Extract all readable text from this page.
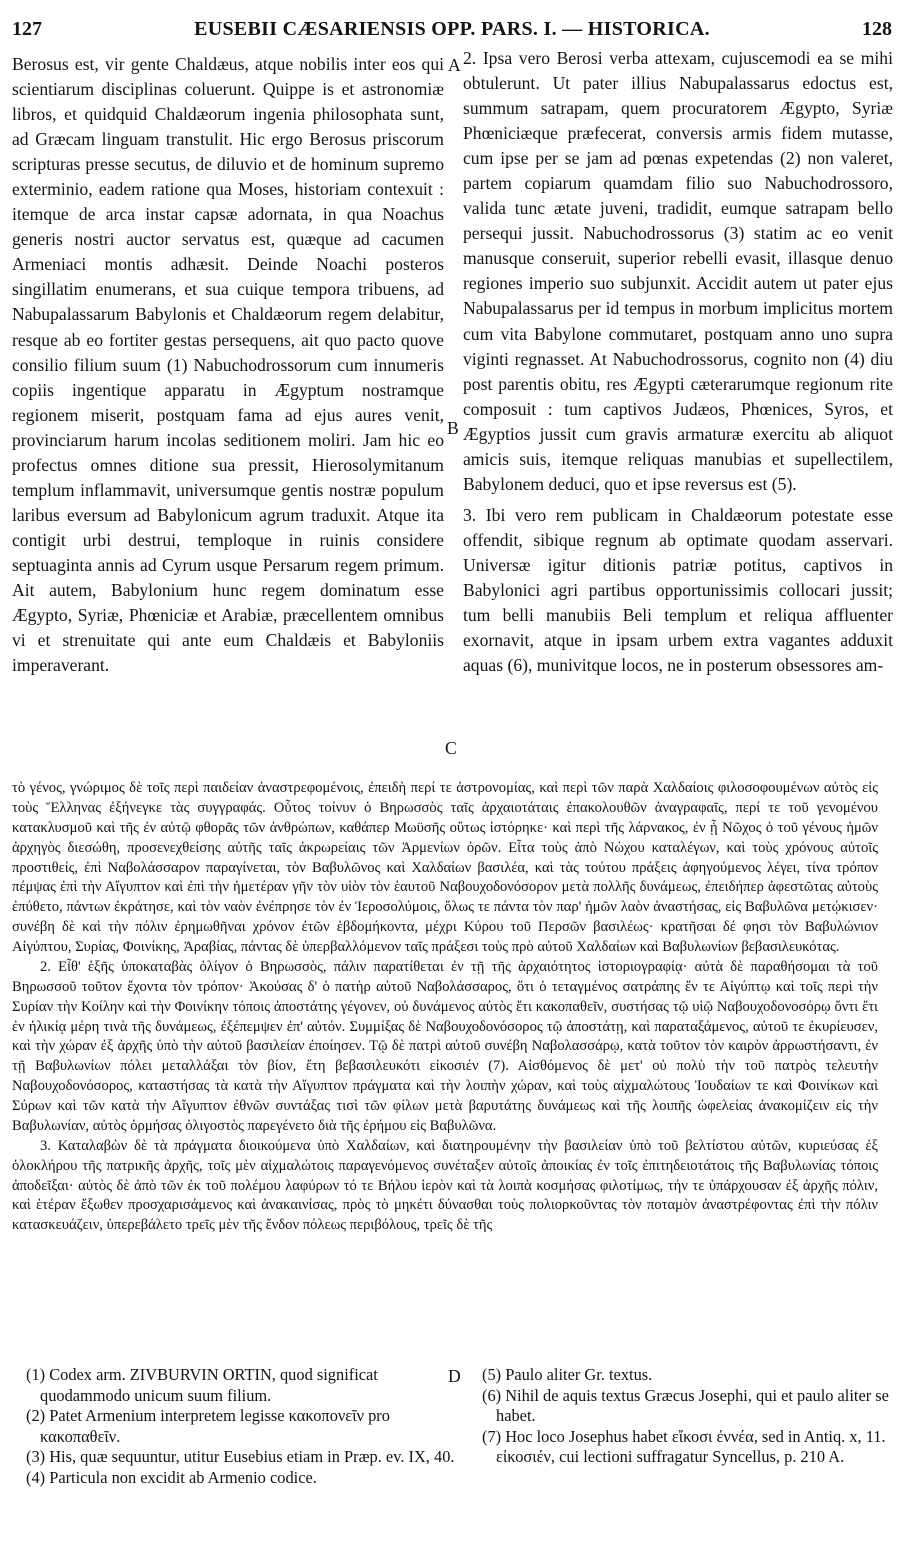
127	EUSEBII CÆSARIENSIS OPP. PARS. I. — HISTORICA.	128

Berosus est, vir gente Chaldæus, atque nobilis inter eos qui scientiarum disciplinas coluerunt. Quippe is et astronomiæ libros, et quidquid Chaldæorum ingenia philosophata sunt, ad Græcam linguam transtulit. Hic ergo Berosus priscorum scripturas presse secutus, de diluvio et de hominum supremo exterminio, eadem ratione qua Moses, historiam contexuit : itemque de arca instar capsæ adornata, in qua Noachus generis nostri auctor servatus est, quæque ad cacumen Armeniaci montis adhæsit. Deinde Noachi posteros singillatim enumerans, et sua cuique tempora tribuens, ad Nabupalassarum Babylonis et Chaldæorum regem delabitur, resque ab eo fortiter gestas persequens, ait quo pacto quove consilio filium suum (1) Nabuchodrossorum cum innumeris copiis ingentique apparatu in Ægyptum nostramque regionem miserit, postquam fama ad ejus aures venit, provinciarum harum incolas seditionem moliri. Jam hic eo profectus omnes ditione sua pressit, Hierosolymitanum templum inflammavit, universumque gentis nostræ populum laribus eversum ad Babylonicum agrum traduxit. Atque ita contigit urbi destrui, temploque in ruinis considere septuaginta annis ad Cyrum usque Persarum regem primum. Ait autem, Babylonium hunc regem dominatum esse Ægypto, Syriæ, Phœniciæ et Arabiæ, præcellentem omnibus vi et strenuitate qui ante eum Chaldæis et Babyloniis imperaverant.

A
B
C
D

2. Ipsa vero Berosi verba attexam, cujuscemodi ea se mihi obtulerunt. Ut pater illius Nabupalassarus edoctus est, summum satrapam, quem procuratorem Ægypto, Syriæ Phœniciæque præfecerat, conversis armis fidem mutasse, cum ipse per se jam ad pœnas expetendas (2) non valeret, partem copiarum quamdam filio suo Nabuchodrossoro, valida tunc ætate juveni, tradidit, eumque satrapam bello persequi jussit. Nabuchodrossorus (3) statim ac eo venit manusque conseruit, superior rebelli evasit, illasque denuo regiones imperio suo subjunxit. Accidit autem ut pater ejus Nabupalassarus per id tempus in morbum implicitus mortem cum vita Babylone commutaret, postquam anno uno supra viginti regnasset. At Nabuchodrossorus, cognito non (4) diu post parentis obitu, res Ægypti cæterarumque regionum rite composuit : tum captivos Judæos, Phœnices, Syros, et Ægyptios jussit cum gravis armaturæ exercitu ab aliquot amicis suis, itemque reliquas manubias et supellectilem, Babylonem deduci, quo et ipse reversus est (5).

3. Ibi vero rem publicam in Chaldæorum potestate esse offendit, sibique regnum ab optimate quodam asservari. Universæ igitur ditionis patriæ potitus, captivos in Babylonici agri partibus opportunissimis collocari jussit; tum belli manubiis Beli templum et reliqua affluenter exornavit, atque in ipsam urbem extra vagantes adduxit aquas (6), munivitque locos, ne in posterum obsessores am-

τὸ γένος, γνώριμος δὲ τοῖς περὶ παιδείαν ἀναστρεφομένοις, ἐπειδὴ περί τε ἀστρονομίας, καὶ περὶ τῶν παρὰ Χαλδαίοις φιλοσοφουμένων αὐτὸς εἰς τοὺς Ἕλληνας ἐξήνεγκε τὰς συγγραφάς. Οὗτος τοίνυν ὁ Βηρωσσὸς ταῖς ἀρχαιοτάταις ἐπακολουθῶν ἀναγραφαῖς, περί τε τοῦ γενομένου κατακλυσμοῦ καὶ τῆς ἐν αὐτῷ φθορᾶς τῶν ἀνθρώπων, καθάπερ Μωϋσῆς οὕτως ἱστόρηκε· καὶ περὶ τῆς λάρνακος, ἐν ᾗ Νῶχος ὁ τοῦ γένους ἡμῶν ἀρχηγὸς διεσώθη, προσενεχθείσης αὐτῆς ταῖς ἀκρωρείαις τῶν Ἀρμενίων ὀρῶν. Εἶτα τοὺς ἀπὸ Νώχου καταλέγων, καὶ τοὺς χρόνους αὐτοῖς προστιθείς, ἐπὶ Ναβολάσσαρον παραγίνεται, τὸν Βαβυλῶνος καὶ Χαλδαίων βασιλέα, καὶ τὰς τούτου πράξεις ἀφηγούμενος λέγει, τίνα τρόπον πέμψας ἐπὶ τὴν Αἴγυπτον καὶ ἐπὶ τὴν ἡμετέραν γῆν τὸν υἱὸν τὸν ἑαυτοῦ Ναβουχοδονόσορον μετὰ πολλῆς δυνάμεως, ἐπειδήπερ ἀφεστῶτας αὐτοὺς ἐπύθετο, πάντων ἐκράτησε, καὶ τὸν ναὸν ἐνέπρησε τὸν ἐν Ἱεροσολύμοις, ὅλως τε πάντα τὸν παρ' ἡμῶν λαὸν ἀναστήσας, εἰς Βαβυλῶνα μετῴκισεν· συνέβη δὲ καὶ τὴν πόλιν ἐρημωθῆναι χρόνον ἐτῶν ἑβδομήκοντα, μέχρι Κύρου τοῦ Περσῶν βασιλέως· κρατῆσαι δέ φησι τὸν Βαβυλώνιον Αἰγύπτου, Συρίας, Φοινίκης, Ἀραβίας, πάντας δὲ ὑπερβαλλόμενον ταῖς πράξεσι τοὺς πρὸ αὐτοῦ Χαλδαίων καὶ Βαβυλωνίων βεβασιλευκότας.

2. Εἶθ' ἑξῆς ὑποκαταβὰς ὀλίγον ὁ Βηρωσσὸς, πάλιν παρατίθεται ἐν τῇ τῆς ἀρχαιότητος ἱστοριογραφίᾳ· αὐτὰ δὲ παραθήσομαι τὰ τοῦ Βηρωσσοῦ τοῦτον ἔχοντα τὸν τρόπον· Ἀκούσας δ' ὁ πατὴρ αὐτοῦ Ναβολάσσαρος, ὅτι ὁ τεταγμένος σατράπης ἔν τε Αἰγύπτῳ καὶ τοῖς περὶ τὴν Συρίαν τὴν Κοίλην καὶ τὴν Φοινίκην τόποις ἀποστάτης γέγονεν, οὐ δυνάμενος αὐτὸς ἔτι κακοπαθεῖν, συστήσας τῷ υἱῷ Ναβουχοδονοσόρῳ ὄντι ἔτι ἐν ἡλικίᾳ μέρη τινὰ τῆς δυνάμεως, ἐξέπεμψεν ἐπ' αὐτόν. Συμμίξας δὲ Ναβουχοδονόσορος τῷ ἀποστάτῃ, καὶ παραταξάμενος, αὐτοῦ τε ἐκυρίευσεν, καὶ τὴν χώραν ἐξ ἀρχῆς ὑπὸ τὴν αὐτοῦ βασιλείαν ἐποίησεν. Τῷ δὲ πατρὶ αὐτοῦ συνέβη Ναβολασσάρῳ, κατὰ τοῦτον τὸν καιρὸν ἀρρωστήσαντι, ἐν τῇ Βαβυλωνίων πόλει μεταλλάξαι τὸν βίον, ἔτη βεβασιλευκότι εἰκοσιέν (7). Αἰσθόμενος δὲ μετ' οὐ πολὺ τὴν τοῦ πατρὸς τελευτὴν Ναβουχοδονόσορος, καταστήσας τὰ κατὰ τὴν Αἴγυπτον πράγματα καὶ τὴν λοιπὴν χώραν, καὶ τοὺς αἰχμαλώτους Ἰουδαίων τε καὶ Φοινίκων καὶ Σύρων καὶ τῶν κατὰ τὴν Αἴγυπτον ἐθνῶν συντάξας τισὶ τῶν φίλων μετὰ βαρυτάτης δυνάμεως καὶ τῆς λοιπῆς ὠφελείας ἀνακομίζειν εἰς τὴν Βαβυλωνίαν, αὐτὸς ὁρμήσας ὀλιγοστὸς παρεγένετο διὰ τῆς ἐρήμου εἰς Βαβυλῶνα.

3. Καταλαβὼν δὲ τὰ πράγματα διοικούμενα ὑπὸ Χαλδαίων, καὶ διατηρουμένην τὴν βασιλείαν ὑπὸ τοῦ βελτίστου αὐτῶν, κυριεύσας ἐξ ὁλοκλήρου τῆς πατρικῆς ἀρχῆς, τοῖς μὲν αἰχμαλώτοις παραγενόμενος συνέταξεν αὐτοῖς ἀποικίας ἐν τοῖς ἐπιτηδειοτάτοις τῆς Βαβυλωνίας τόποις ἀποδεῖξαι· αὐτὸς δὲ ἀπὸ τῶν ἐκ τοῦ πολέμου λαφύρων τό τε Βήλου ἱερὸν καὶ τὰ λοιπὰ κοσμήσας φιλοτίμως, τήν τε ὑπάρχουσαν ἐξ ἀρχῆς πόλιν, καὶ ἑτέραν ἔξωθεν προσχαρισάμενος καὶ ἀνακαινίσας, πρὸς τὸ μηκέτι δύνασθαι τοὺς πολιορκοῦντας τὸν ποταμὸν ἀναστρέφοντας ἐπὶ τὴν πόλιν κατασκευάζειν, ὑπερεβάλετο τρεῖς μὲν τῆς ἔνδον πόλεως περιβόλους, τρεῖς δὲ τῆς

(1) Codex arm. ZIVBURVIN ORTIN, quod significat quodammodo unicum suum filium.

(2) Patet Armenium interpretem legisse κακοπονεῖν pro κακοπαθεῖν.

(3) His, quæ sequuntur, utitur Eusebius etiam in Præp. ev. IX, 40.

(4) Particula non excidit ab Armenio codice.

(5) Paulo aliter Gr. textus.

(6) Nihil de aquis textus Græcus Josephi, qui et paulo aliter se habet.

(7) Hoc loco Josephus habet εἴκοσι ἐννέα, sed in Antiq. x, 11. εἰκοσιέν, cui lectioni suffragatur Syncellus, p. 210 A.
